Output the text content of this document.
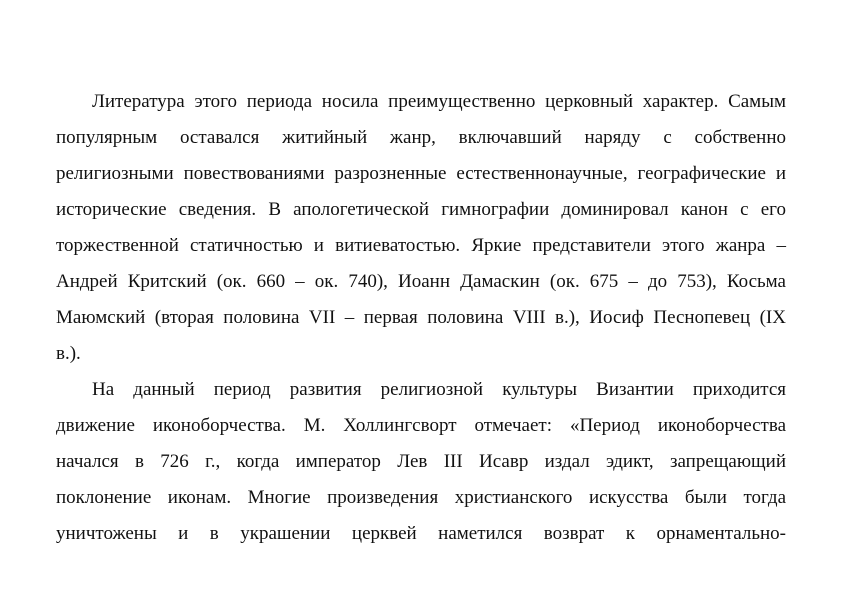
Литература этого периода носила преимущественно церковный характер. Самым
популярным оставался житийный жанр, включавший наряду с собственно
религиозными повествованиями разрозненные естественнонаучные, географические и
исторические сведения. В апологетической гимнографии доминировал канон с его
торжественной статичностью и витиеватостью. Яркие представители этого жанра –
Андрей Критский (ок. 660 – ок. 740), Иоанн Дамаскин (ок. 675 – до 753), Косьма
Маюмский (вторая половина VII – первая половина VIII в.), Иосиф Песнопевец (IX
в.).
На данный период развития религиозной культуры Византии приходится
движение иконоборчества. М. Холлингсворт отмечает: «Период иконоборчества
начался в 726 г., когда император Лев III Исавр издал эдикт, запрещающий
поклонение иконам. Многие произведения христианского искусства были тогда
уничтожены и в украшении церквей наметился возврат к орнаментально-
